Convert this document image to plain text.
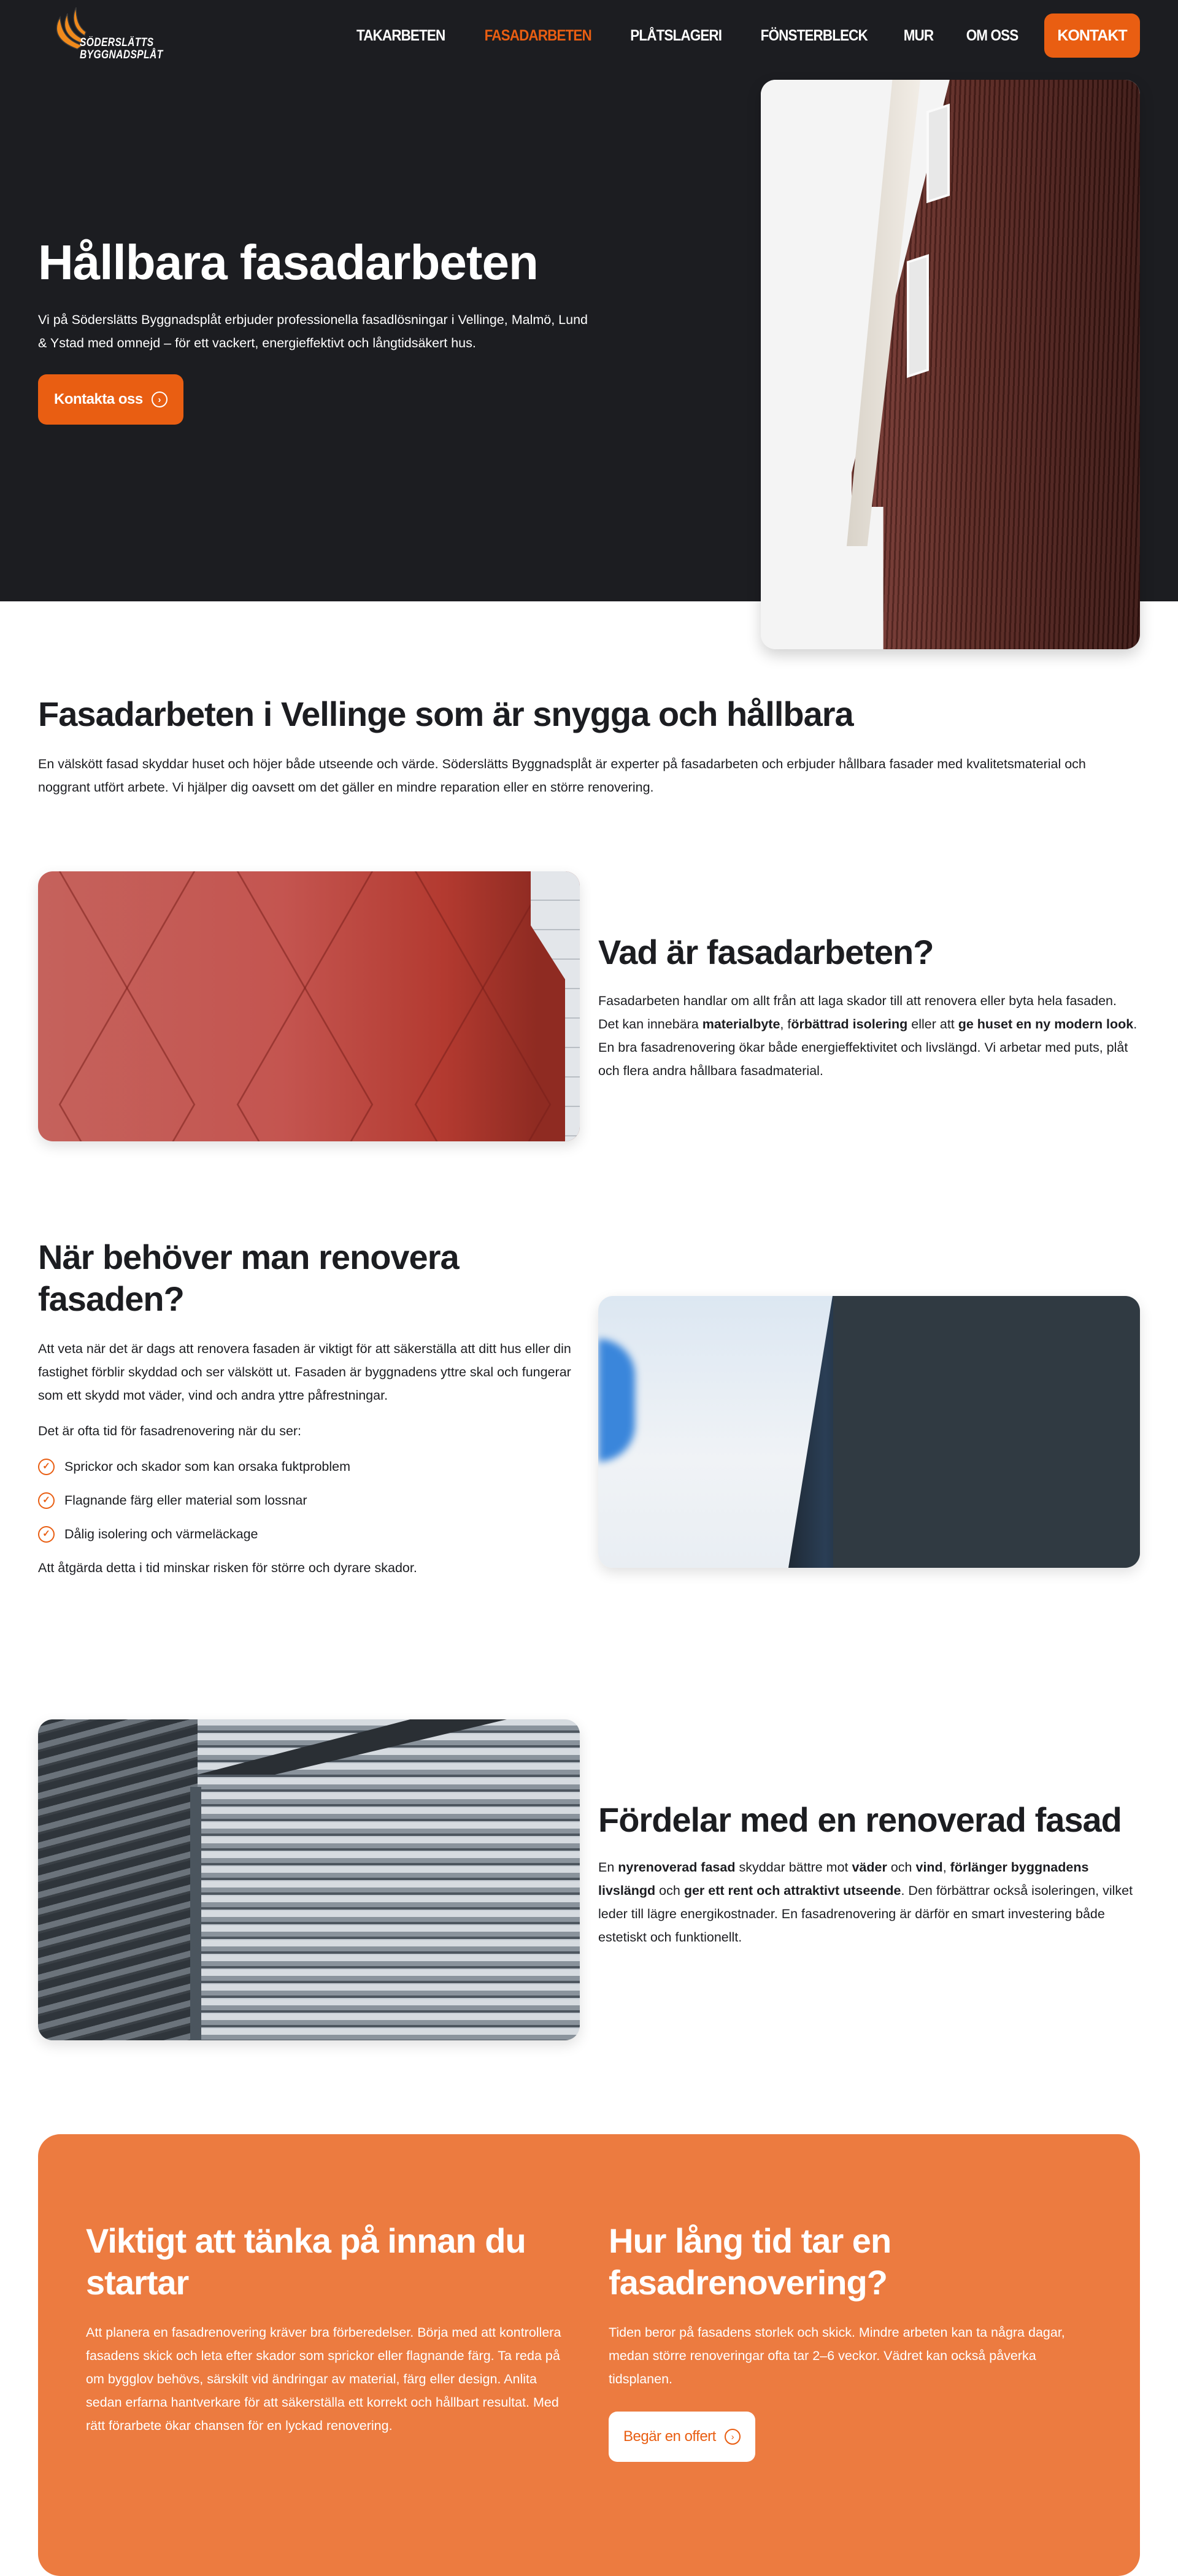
SÖDERSLÄTTS
BYGGNADSPLÅT
TAKARBETEN	FASADARBETEN	PLÅTSLAGERI	FÖNSTERBLECK MUR OM OSS	KONTAKT
Hållbara fasadarbeten

Vi på Söderslätts Byggnadsplåt erbjuder professionella fasadlösningar i Vellinge, Malmö, Lund & Ystad med omnejd – för ett vackert, energieffektivt och långtidsäkert hus.

Kontakta oss	›
Fasadarbeten i Vellinge som är snygga och hållbara

En välskött fasad skyddar huset och höjer både utseende och värde. Söderslätts Byggnadsplåt är experter på fasadarbeten och erbjuder hållbara fasader med kvalitetsmaterial och noggrant utfört arbete. Vi hjälper dig oavsett om det gäller en mindre reparation eller en större renovering.

Vad är fasadarbeten?

Fasadarbeten handlar om allt från att laga skador till att renovera eller byta hela fasaden. Det kan innebära materialbyte, förbättrad isolering eller att ge huset en ny modern look. En bra fasadrenovering ökar både energieffektivitet och livslängd. Vi arbetar med puts, plåt och flera andra hållbara fasadmaterial.

När behöver man renovera fasaden?

Att veta när det är dags att renovera fasaden är viktigt för att säkerställa att ditt hus eller din fastighet förblir skyddad och ser välskött ut. Fasaden är byggnadens yttre skal och fungerar som ett skydd mot väder, vind och andra yttre påfrestningar.

Det är ofta tid för fasadrenovering när du ser:

✓	Sprickor och skador som kan orsaka fuktproblem
✓	Flagnande färg eller material som lossnar
✓	Dålig isolering och värmeläckage

Att åtgärda detta i tid minskar risken för större och dyrare skador.

Fördelar med en renoverad fasad

En nyrenoverad fasad skyddar bättre mot väder och vind, förlänger byggnadens livslängd och ger ett rent och attraktivt utseende. Den förbättrar också isoleringen, vilket leder till lägre energikostnader. En fasadrenovering är därför en smart investering både estetiskt och funktionellt.

Viktigt att tänka på innan du startar

Att planera en fasadrenovering kräver bra förberedelser. Börja med att kontrollera fasadens skick och leta efter skador som sprickor eller flagnande färg. Ta reda på om bygglov behövs, särskilt vid ändringar av material, färg eller design. Anlita sedan erfarna hantverkare för att säkerställa ett korrekt och hållbart resultat. Med rätt förarbete ökar chansen för en lyckad renovering.

Hur lång tid tar en fasadrenovering?

Tiden beror på fasadens storlek och skick. Mindre arbeten kan ta några dagar, medan större renoveringar ofta tar 2–6 veckor. Vädret kan också påverka tidsplanen.

Begär en offert	›
